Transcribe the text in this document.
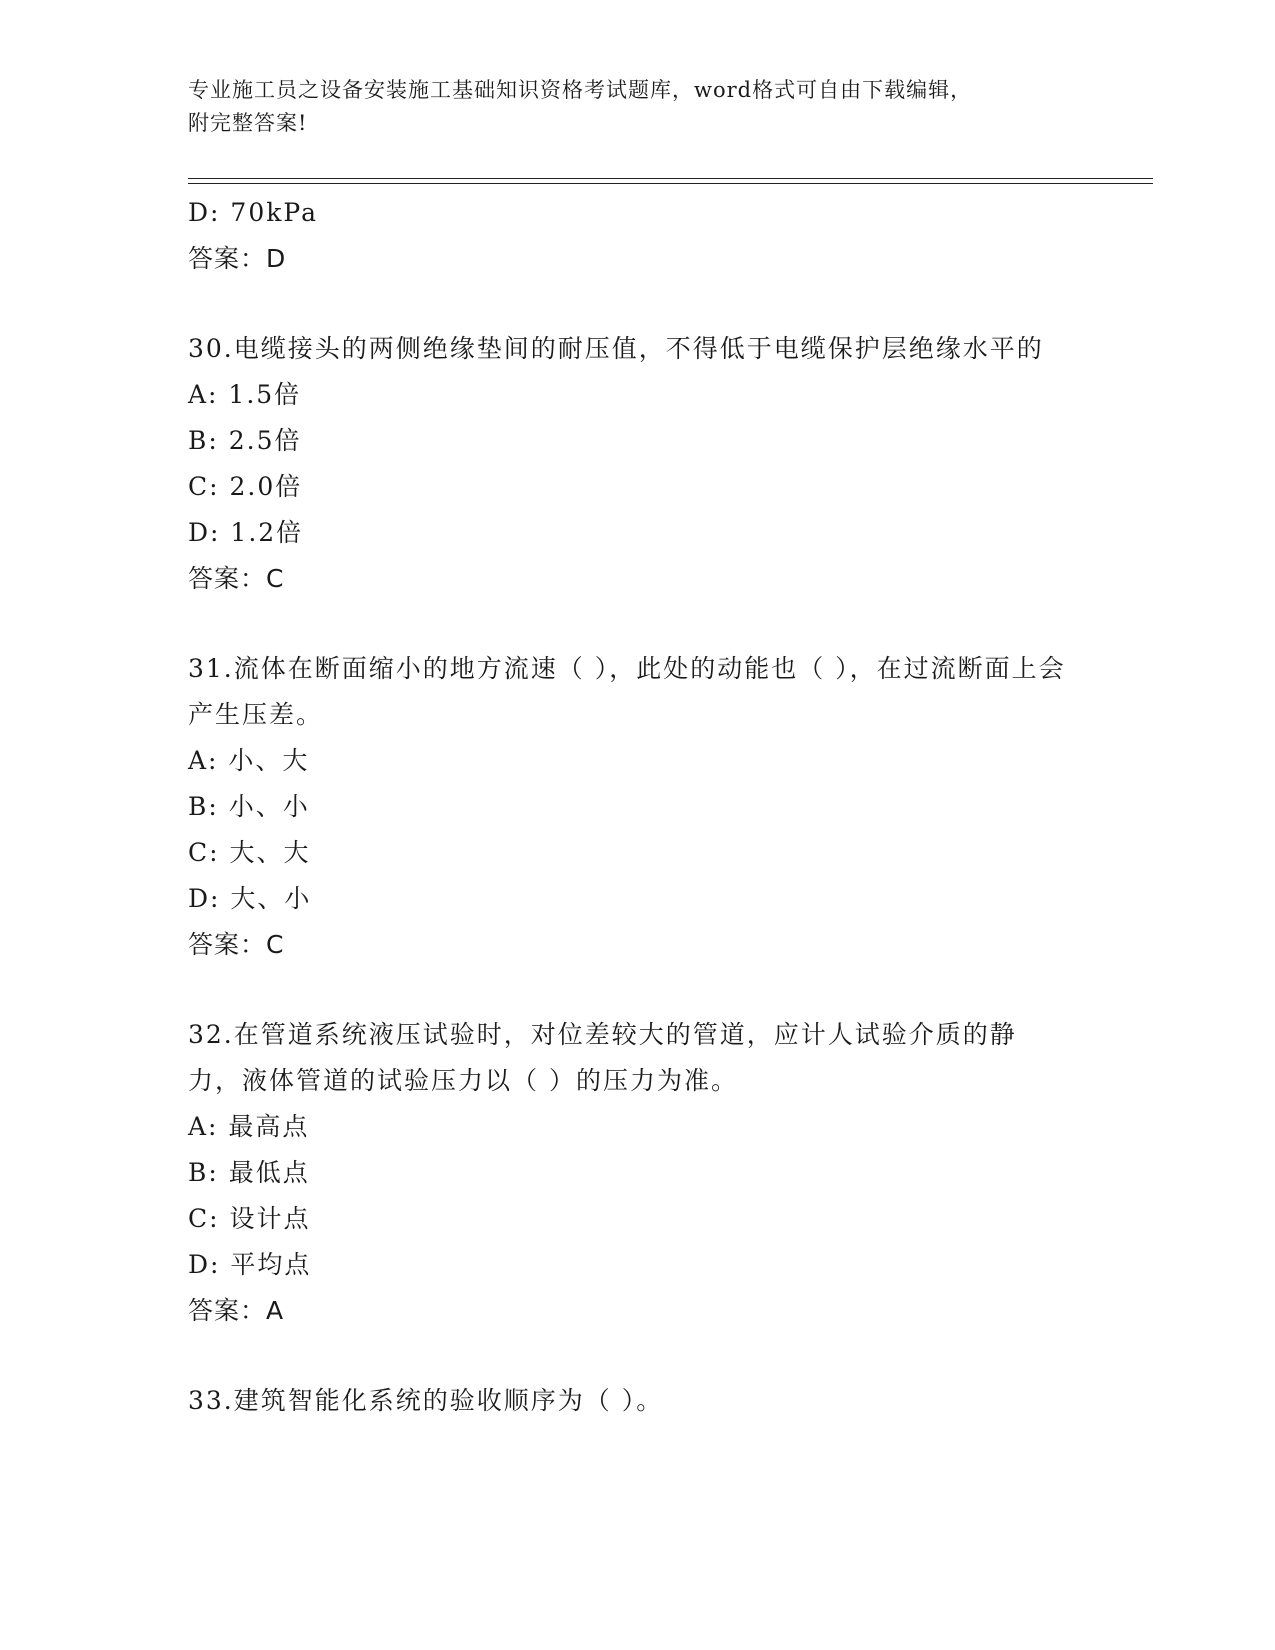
专业施工员之设备安装施工基础知识资格考试题库，word格式可自由下载编辑，
附完整答案!
D: 70kPa
答案：D
30.电缆接头的两侧绝缘垫间的耐压值，不得低于电缆保护层绝缘水平的
A: 1.5倍
B: 2.5倍
C: 2.0倍
D: 1.2倍
答案：C
31.流体在断面缩小的地方流速（ ），此处的动能也（ ），在过流断面上会产生压差。
A: 小、大
B: 小、小
C: 大、大
D: 大、小
答案：C
32.在管道系统液压试验时，对位差较大的管道，应计人试验介质的静力，液体管道的试验压力以（ ）的压力为准。
A: 最高点
B: 最低点
C: 设计点
D: 平均点
答案：A
33.建筑智能化系统的验收顺序为（ ）。
